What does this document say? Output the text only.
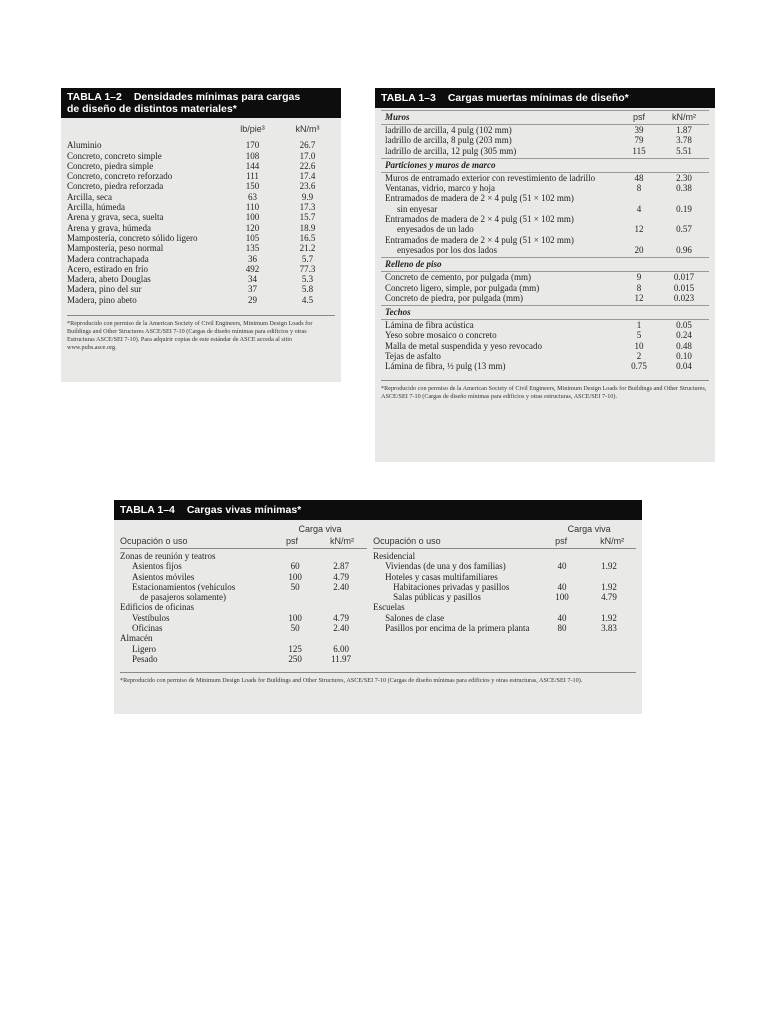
TABLA 1–2 Densidades mínimas para cargas
de diseño de distintos materiales*
lb/pie³	kN/m³
Aluminio	170	26.7
Concreto, concreto simple	108	17.0
Concreto, piedra simple	144	22.6
Concreto, concreto reforzado	111	17.4
Concreto, piedra reforzada	150	23.6
Arcilla, seca	63	9.9
Arcilla, húmeda	110	17.3
Arena y grava, seca, suelta	100	15.7
Arena y grava, húmeda	120	18.9
Mampostería, concreto sólido ligero	105	16.5
Mampostería, peso normal	135	21.2
Madera contrachapada	36	5.7
Acero, estirado en frío	492	77.3
Madera, abeto Douglas	34	5.3
Madera, pino del sur	37	5.8
Madera, pino abeto	29	4.5
*Reproducido con permiso de la American Society of Civil Engineers, Minimum Design Loads for Buildings and Other Structures ASCE/SEI 7-10 (Cargas de diseño mínimas para edificios y otras Estructuras ASCE/SEI 7-10). Para adquirir copias de este estándar de ASCE acceda al sitio www.pubs.asce.org.
TABLA 1–3 Cargas muertas mínimas de diseño*
Muros	psf	kN/m²
ladrillo de arcilla, 4 pulg (102 mm)	39	1.87
ladrillo de arcilla, 8 pulg (203 mm)	79	3.78
ladrillo de arcilla, 12 pulg (305 mm)	115	5.51
Particiones y muros de marco
Muros de entramado exterior con revestimiento de ladrillo	48	2.30
Ventanas, vidrio, marco y hoja	8	0.38
Entramados de madera de 2 × 4 pulg (51 × 102 mm)
sin enyesar	4	0.19
Entramados de madera de 2 × 4 pulg (51 × 102 mm)
enyesados de un lado	12	0.57
Entramados de madera de 2 × 4 pulg (51 × 102 mm)
enyesados por los dos lados	20	0.96
Relleno de piso
Concreto de cemento, por pulgada (mm)	9	0.017
Concreto ligero, simple, por pulgada (mm)	8	0.015
Concreto de piedra, por pulgada (mm)	12	0.023
Techos
Lámina de fibra acústica	1	0.05
Yeso sobre mosaico o concreto	5	0.24
Malla de metal suspendida y yeso revocado	10	0.48
Tejas de asfalto	2	0.10
Lámina de fibra, ½ pulg (13 mm)	0.75	0.04
*Reproducido con permiso de la American Society of Civil Engineers, Minimum Design Loads for Buildings and Other Structures, ASCE/SEI 7-10 (Cargas de diseño mínimas para edificios y otras estructuras, ASCE/SEI 7-10).
TABLA 1–4 Cargas vivas mínimas*
Carga viva
Ocupación o uso	psf	kN/m²
Zonas de reunión y teatros
Asientos fijos	60	2.87
Asientos móviles	100	4.79
Estacionamientos (vehículos	50	2.40
de pasajeros solamente)
Edificios de oficinas
Vestíbulos	100	4.79
Oficinas	50	2.40
Almacén
Ligero	125	6.00
Pesado	250	11.97
Carga viva
Ocupación o uso	psf	kN/m²
Residencial
Viviendas (de una y dos familias)	40	1.92
Hoteles y casas multifamiliares
Habitaciones privadas y pasillos	40	1.92
Salas públicas y pasillos	100	4.79
Escuelas
Salones de clase	40	1.92
Pasillos por encima de la primera planta	80	3.83
*Reproducido con permiso de Minimum Design Loads for Buildings and Other Structures, ASCE/SEI 7-10 (Cargas de diseño mínimas para edificios y otras estructuras, ASCE/SEI 7-10).
